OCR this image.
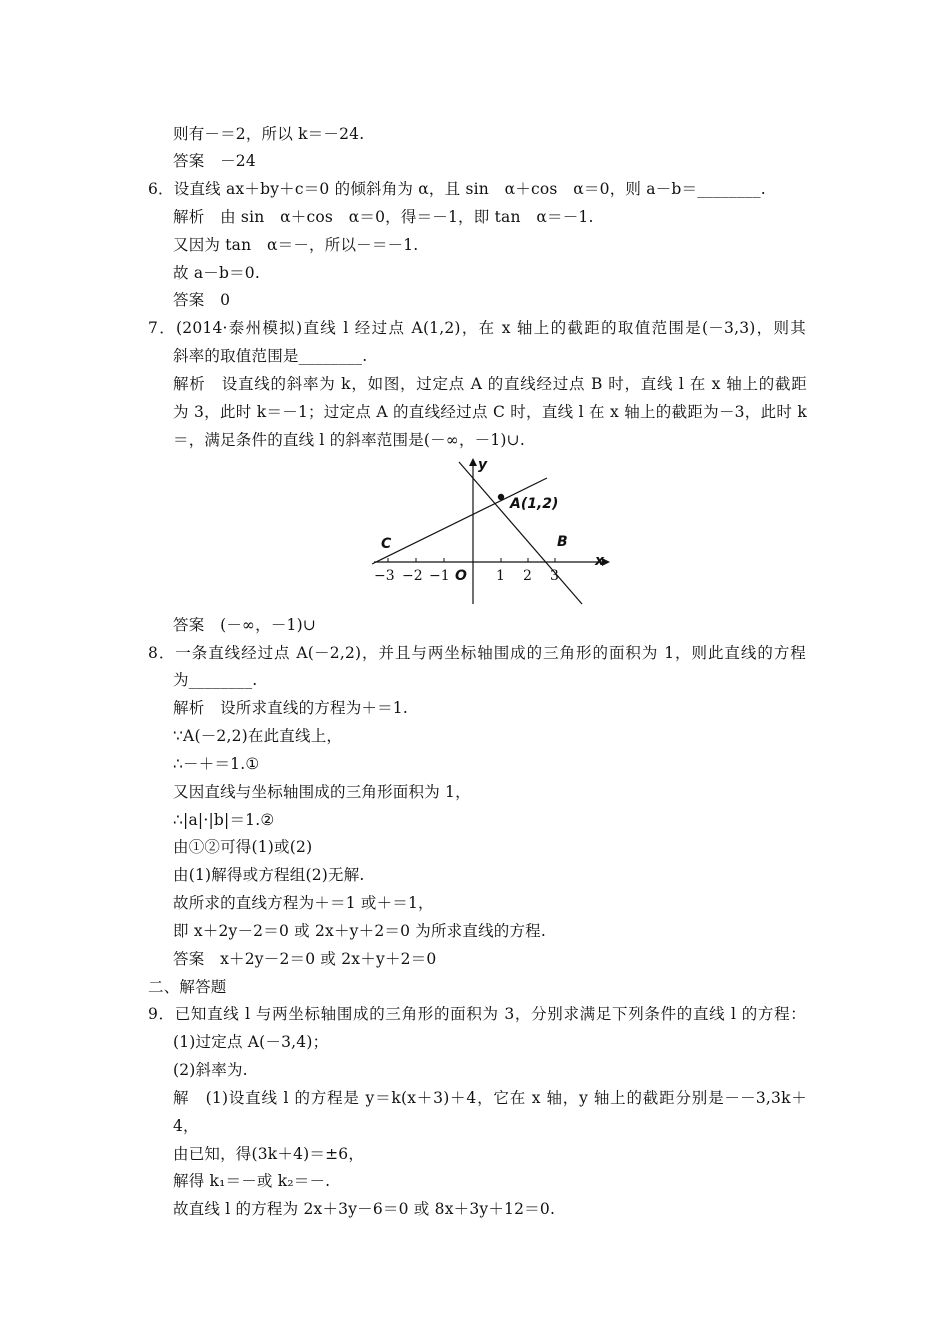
则有－＝2，所以 k＝－24.
答案　－24
6．设直线 ax＋by＋c＝0 的倾斜角为 α，且 sin　α＋cos　α＝0，则 a－b＝________.
解析　由 sin　α＋cos　α＝0，得＝－1，即 tan　α＝－1.
又因为 tan　α＝－，所以－＝－1.
故 a－b＝0.
答案　0
7．(2014·泰州模拟)直线 l 经过点 A(1,2)，在 x 轴上的截距的取值范围是(－3,3)，则其
斜率的取值范围是________.
解析　设直线的斜率为 k，如图，过定点 A 的直线经过点 B 时，直线 l 在 x 轴上的截距
为 3，此时 k＝－1；过定点 A 的直线经过点 C 时，直线 l 在 x 轴上的截距为－3，此时 k
＝，满足条件的直线 l 的斜率范围是(－∞，－1)∪.
y
x
A(1,2)
B
C
O
−3 −2 −1	1 2 3
答案　(－∞，－1)∪
8．一条直线经过点 A(－2,2)，并且与两坐标轴围成的三角形的面积为 1，则此直线的方程
为________.
解析　设所求直线的方程为＋＝1.
∵A(－2,2)在此直线上，
∴－＋＝1.①
又因直线与坐标轴围成的三角形面积为 1，
∴|a|·|b|＝1.②
由①②可得(1)或(2)
由(1)解得或方程组(2)无解.
故所求的直线方程为＋＝1 或＋＝1，
即 x＋2y－2＝0 或 2x＋y＋2＝0 为所求直线的方程.
答案　x＋2y－2＝0 或 2x＋y＋2＝0
二、解答题
9．已知直线 l 与两坐标轴围成的三角形的面积为 3，分别求满足下列条件的直线 l 的方程：
(1)过定点 A(－3,4)；
(2)斜率为.
解　(1)设直线 l 的方程是 y＝k(x＋3)＋4，它在 x 轴，y 轴上的截距分别是－－3,3k＋
4，
由已知，得(3k＋4)＝±6，
解得 k₁＝－或 k₂＝－.
故直线 l 的方程为 2x＋3y－6＝0 或 8x＋3y＋12＝0.
